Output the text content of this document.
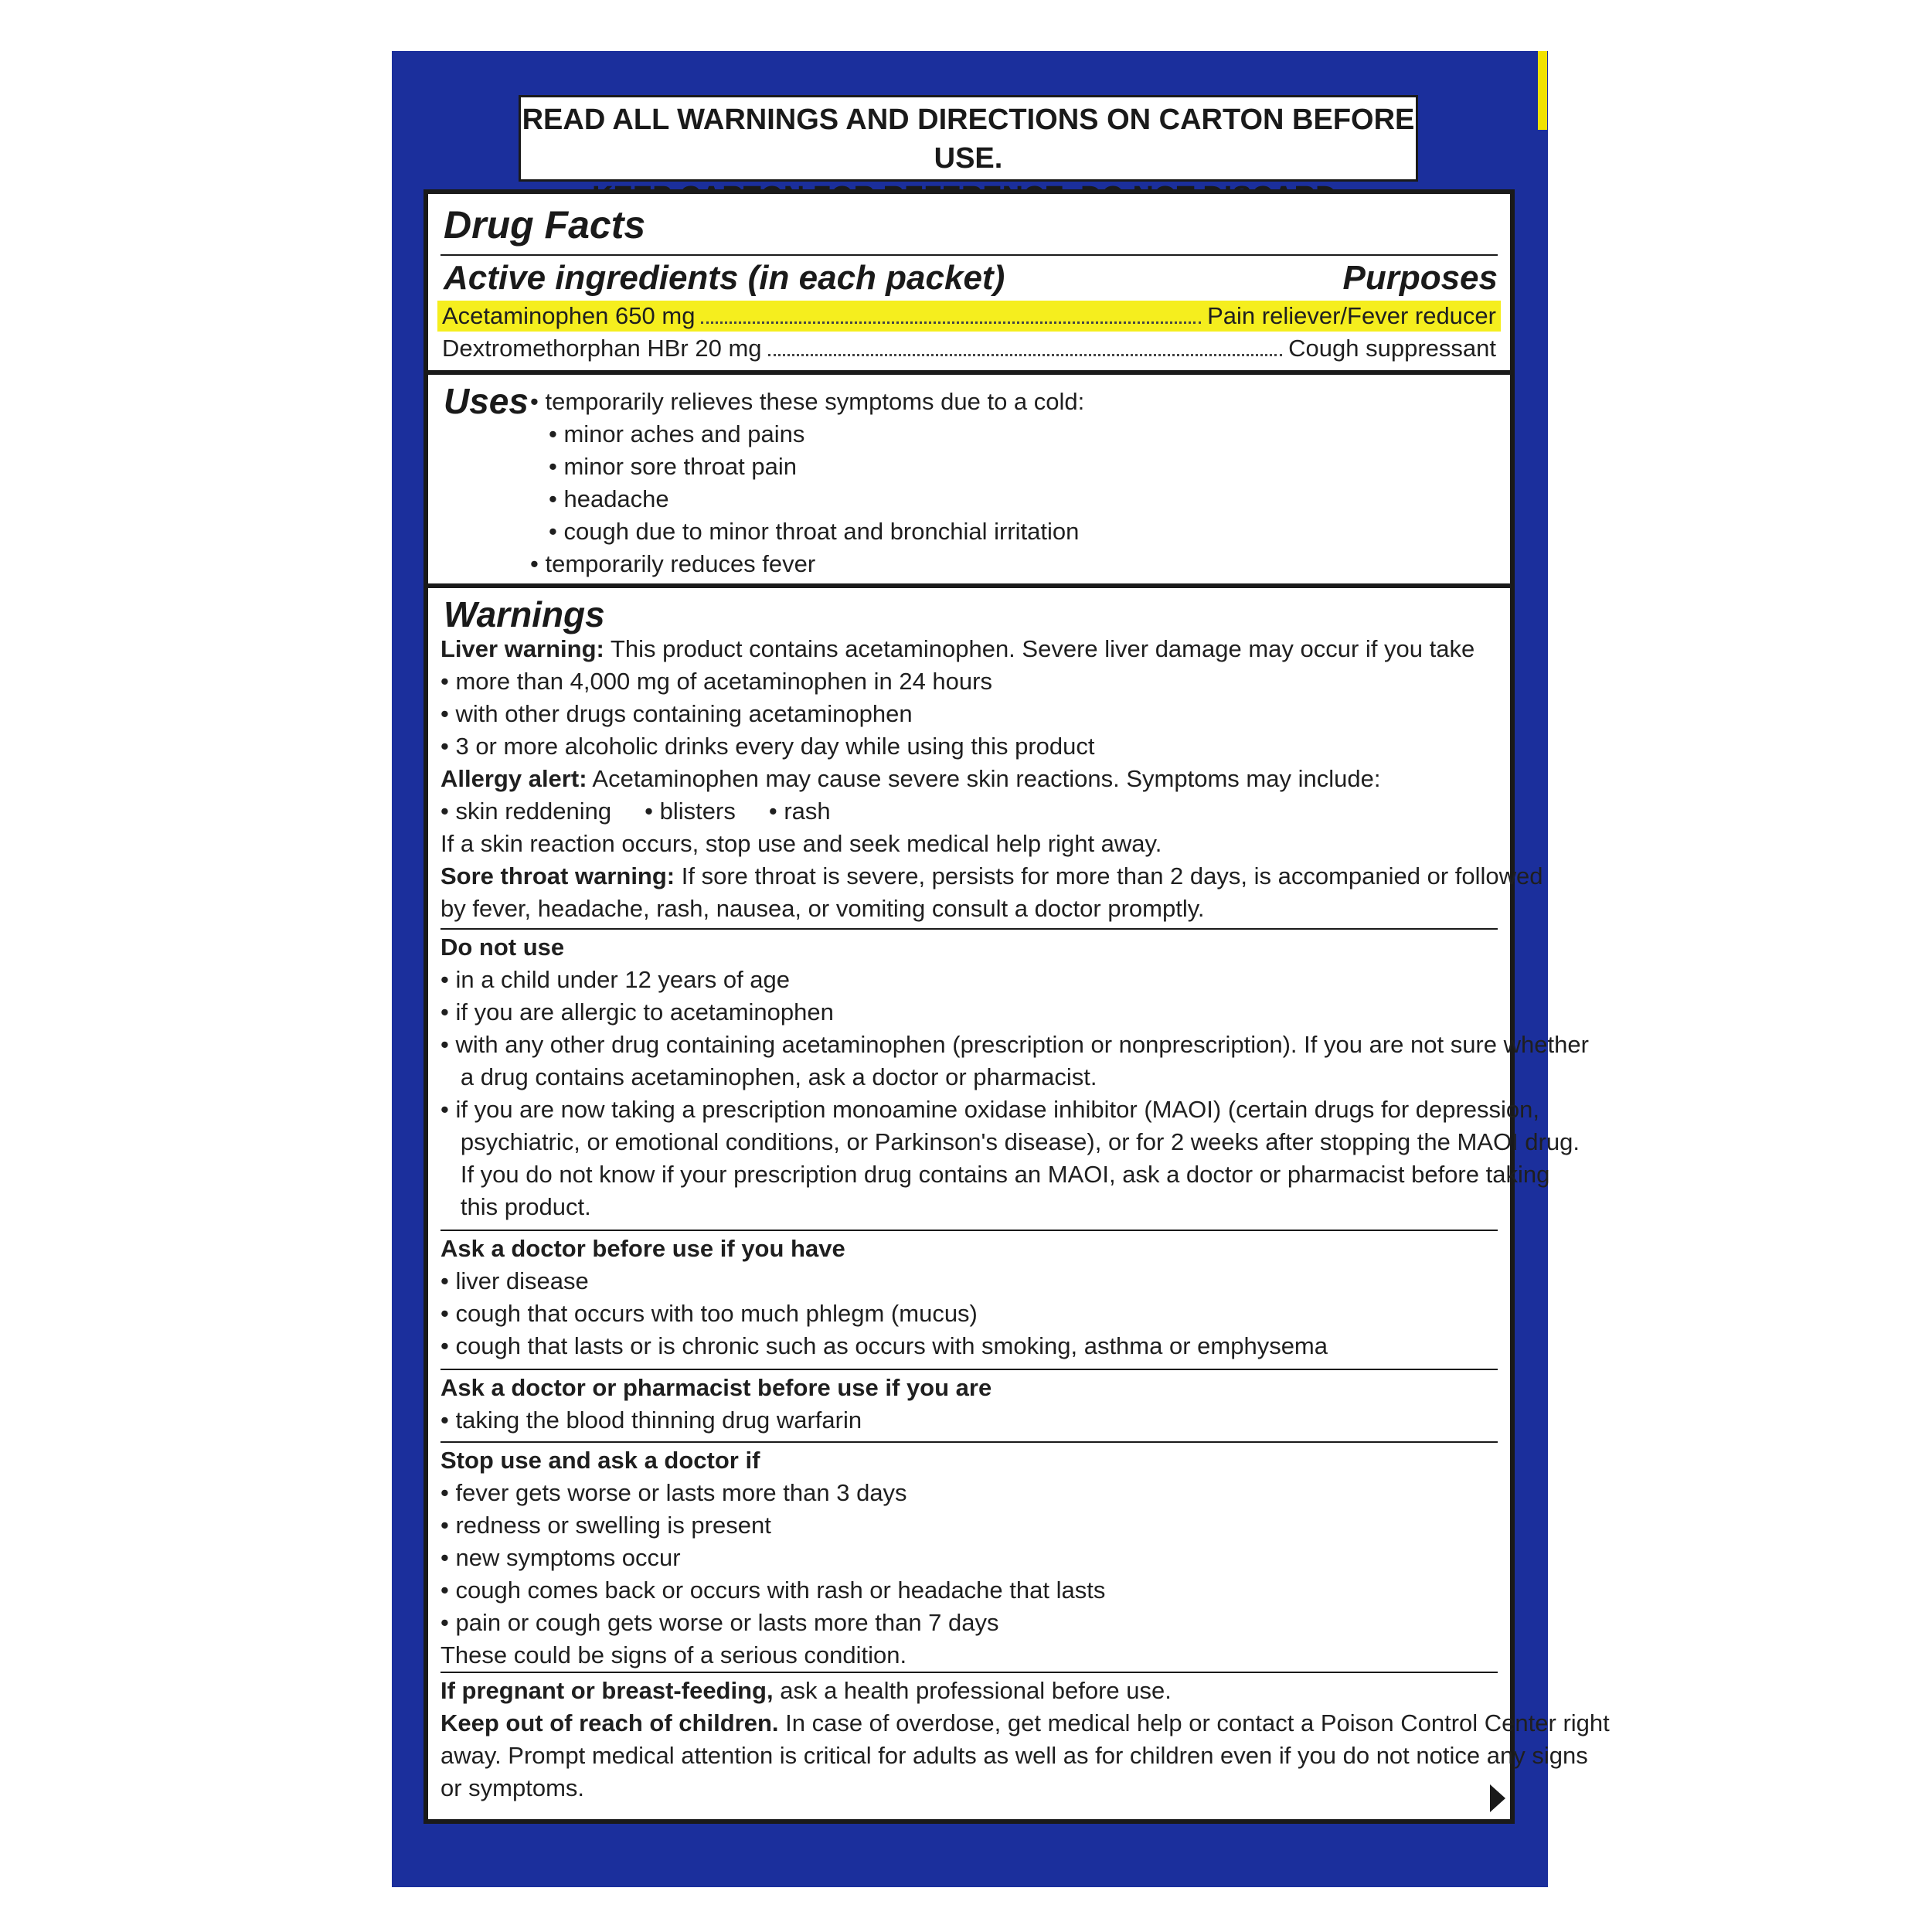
READ ALL WARNINGS AND DIRECTIONS ON CARTON BEFORE USE.
Drug Facts
Active ingredients (in each packet)	Purposes
Acetaminophen 650 mg	Pain reliever/Fever reducer
Dextromethorphan HBr 20 mg	Cough suppressant
Uses • temporarily relieves these symptoms due to a cold:
• minor aches and pains
• minor sore throat pain
• headache
• cough due to minor throat and bronchial irritation
• temporarily reduces fever
Warnings
Liver warning: This product contains acetaminophen. Severe liver damage may occur if you take
• more than 4,000 mg of acetaminophen in 24 hours
• with other drugs containing acetaminophen
• 3 or more alcoholic drinks every day while using this product
Allergy alert: Acetaminophen may cause severe skin reactions. Symptoms may include:
• skin reddening     • blisters     • rash
If a skin reaction occurs, stop use and seek medical help right away.
Sore throat warning: If sore throat is severe, persists for more than 2 days, is accompanied or followed
by fever, headache, rash, nausea, or vomiting consult a doctor promptly.
Do not use
• in a child under 12 years of age
• if you are allergic to acetaminophen
• with any other drug containing acetaminophen (prescription or nonprescription). If you are not sure whether
a drug contains acetaminophen, ask a doctor or pharmacist.
• if you are now taking a prescription monoamine oxidase inhibitor (MAOI) (certain drugs for depression,
psychiatric, or emotional conditions, or Parkinson's disease), or for 2 weeks after stopping the MAOI drug.
If you do not know if your prescription drug contains an MAOI, ask a doctor or pharmacist before taking
this product.
Ask a doctor before use if you have
• liver disease
• cough that occurs with too much phlegm (mucus)
• cough that lasts or is chronic such as occurs with smoking, asthma or emphysema
Ask a doctor or pharmacist before use if you are
• taking the blood thinning drug warfarin
Stop use and ask a doctor if
• fever gets worse or lasts more than 3 days
• redness or swelling is present
• new symptoms occur
• cough comes back or occurs with rash or headache that lasts
• pain or cough gets worse or lasts more than 7 days
These could be signs of a serious condition.
If pregnant or breast-feeding, ask a health professional before use.
Keep out of reach of children. In case of overdose, get medical help or contact a Poison Control Center right
away. Prompt medical attention is critical for adults as well as for children even if you do not notice any signs
or symptoms.
